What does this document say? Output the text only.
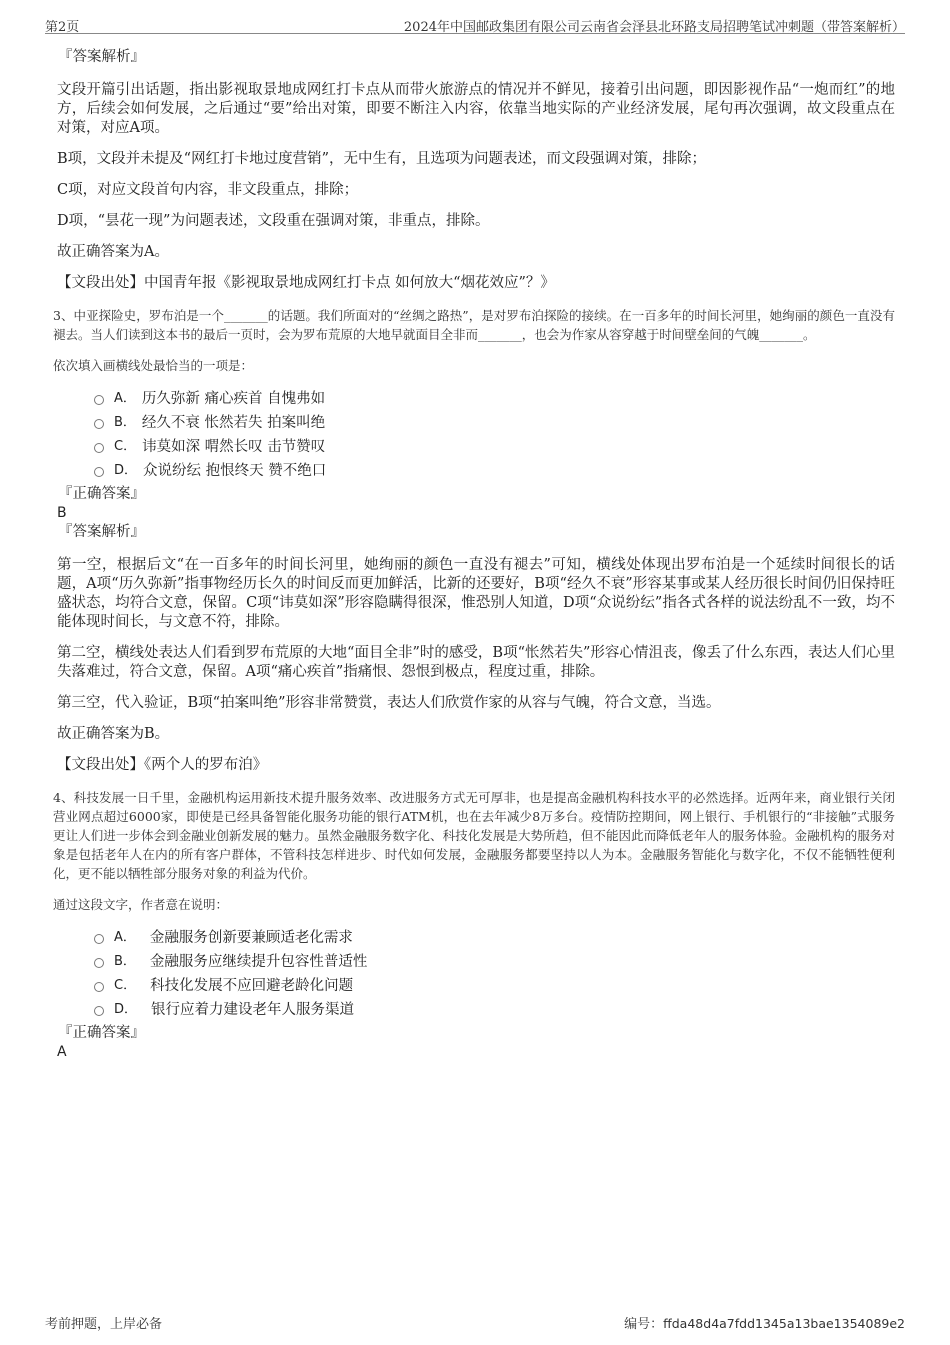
第2页	2024年中国邮政集团有限公司云南省会泽县北环路支局招聘笔试冲刺题（带答案解析）
『答案解析』

文段开篇引出话题，指出影视取景地成网红打卡点从而带火旅游点的情况并不鲜见，接着引出问题，即因影视作品“一炮而红”的地方，后续会如何发展，之后通过“要”给出对策，即要不断注入内容，依靠当地实际的产业经济发展，尾句再次强调，故文段重点在对策，对应A项。

B项，文段并未提及“网红打卡地过度营销”，无中生有，且选项为问题表述，而文段强调对策，排除；

C项，对应文段首句内容，非文段重点，排除；

D项，“昙花一现”为问题表述，文段重在强调对策，非重点，排除。

故正确答案为A。

【文段出处】中国青年报《影视取景地成网红打卡点 如何放大“烟花效应”？》

3、中亚探险史，罗布泊是一个_______的话题。我们所面对的“丝绸之路热”，是对罗布泊探险的接续。在一百多年的时间长河里，她绚丽的颜色一直没有褪去。当人们读到这本书的最后一页时，会为罗布荒原的大地早就面目全非而_______，也会为作家从容穿越于时间壁垒间的气魄_______。

依次填入画横线处最恰当的一项是：

A． 历久弥新 痛心疾首 自愧弗如
B． 经久不衰 怅然若失 拍案叫绝
C． 讳莫如深 喟然长叹 击节赞叹
D． 众说纷纭 抱恨终天 赞不绝口
『正确答案』
B
『答案解析』

第一空，根据后文“在一百多年的时间长河里，她绚丽的颜色一直没有褪去”可知，横线处体现出罗布泊是一个延续时间很长的话题，A项“历久弥新”指事物经历长久的时间反而更加鲜活，比新的还要好，B项“经久不衰”形容某事或某人经历很长时间仍旧保持旺盛状态，均符合文意，保留。C项“讳莫如深”形容隐瞒得很深，惟恐别人知道，D项“众说纷纭”指各式各样的说法纷乱不一致，均不能体现时间长，与文意不符，排除。

第二空，横线处表达人们看到罗布荒原的大地“面目全非”时的感受，B项“怅然若失”形容心情沮丧，像丢了什么东西，表达人们心里失落难过，符合文意，保留。A项“痛心疾首”指痛恨、怨恨到极点，程度过重，排除。

第三空，代入验证，B项“拍案叫绝”形容非常赞赏，表达人们欣赏作家的从容与气魄，符合文意，当选。

故正确答案为B。

【文段出处】《两个人的罗布泊》

4、科技发展一日千里，金融机构运用新技术提升服务效率、改进服务方式无可厚非，也是提高金融机构科技水平的必然选择。近两年来，商业银行关闭营业网点超过6000家，即使是已经具备智能化服务功能的银行ATM机，也在去年减少8万多台。疫情防控期间，网上银行、手机银行的“非接触”式服务更让人们进一步体会到金融业创新发展的魅力。虽然金融服务数字化、科技化发展是大势所趋，但不能因此而降低老年人的服务体验。金融机构的服务对象是包括老年人在内的所有客户群体，不管科技怎样进步、时代如何发展，金融服务都要坚持以人为本。金融服务智能化与数字化，不仅不能牺牲便利化，更不能以牺牲部分服务对象的利益为代价。

通过这段文字，作者意在说明：

A． 金融服务创新要兼顾适老化需求
B． 金融服务应继续提升包容性普适性
C． 科技化发展不应回避老龄化问题
D． 银行应着力建设老年人服务渠道
『正确答案』
A
考前押题，上岸必备	编号：ffda48d4a7fdd1345a13bae1354089e2
